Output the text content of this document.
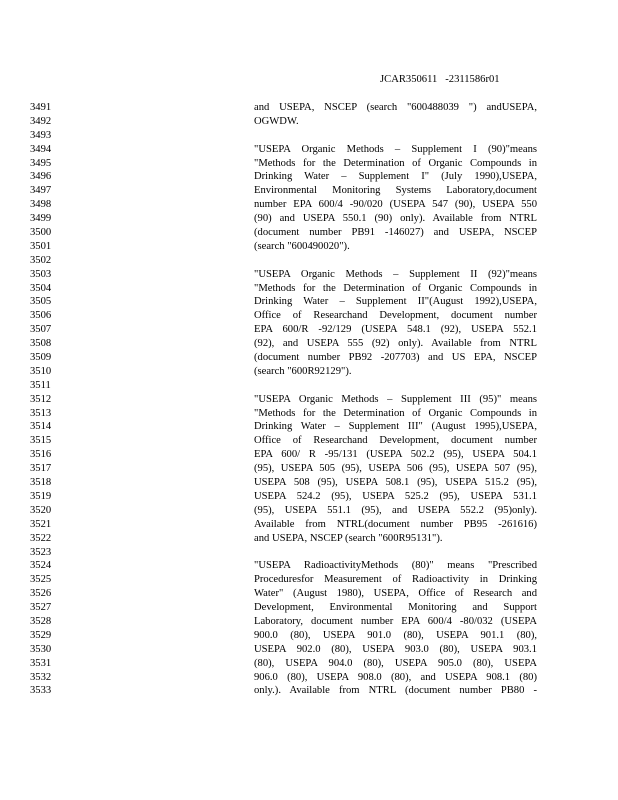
JCAR350611   -2311586r01
3491
3492
3493
3494
3495
3496
3497
3498
3499
3500
3501
3502
3503
3504
3505
3506
3507
3508
3509
3510
3511
3512
3513
3514
3515
3516
3517
3518
3519
3520
3521
3522
3523
3524
3525
3526
3527
3528
3529
3530
3531
3532
3533
and USEPA, NSCEP (search "600488039 ") andUSEPA,
OGWDW.
"USEPA Organic Methods – Supplement I (90)"means
"Methods for the Determination of Organic Compounds in
Drinking Water – Supplement I" (July 1990),USEPA,
Environmental Monitoring Systems Laboratory,document
number EPA 600/4 -90/020 (USEPA 547 (90), USEPA 550
(90) and USEPA 550.1 (90) only). Available from NTRL
(document number PB91 -146027) and USEPA, NSCEP
(search "600490020").
"USEPA Organic Methods – Supplement II (92)"means
"Methods for the Determination of Organic Compounds in
Drinking Water – Supplement II"(August 1992),USEPA,
Office of Researchand Development, document number
EPA 600/R -92/129 (USEPA 548.1 (92), USEPA 552.1
(92), and USEPA 555 (92) only). Available from NTRL
(document number PB92 -207703) and US EPA, NSCEP
(search "600R92129").
"USEPA Organic Methods – Supplement III (95)" means
"Methods for the Determination of Organic Compounds in
Drinking Water – Supplement III" (August 1995),USEPA,
Office of Researchand Development, document number
EPA 600/ R -95/131 (USEPA 502.2 (95), USEPA 504.1
(95), USEPA 505 (95), USEPA 506 (95), USEPA 507 (95),
USEPA 508 (95), USEPA 508.1 (95), USEPA 515.2 (95),
USEPA 524.2 (95), USEPA 525.2 (95), USEPA 531.1
(95), USEPA 551.1 (95), and USEPA 552.2 (95)only).
Available from NTRL(document number PB95 -261616)
and USEPA, NSCEP (search "600R95131").
"USEPA RadioactivityMethods (80)" means "Prescribed
Proceduresfor Measurement of Radioactivity in Drinking
Water" (August 1980), USEPA, Office of Research and
Development, Environmental Monitoring and Support
Laboratory, document number EPA 600/4 -80/032 (USEPA
900.0 (80), USEPA 901.0 (80), USEPA 901.1 (80),
USEPA 902.0 (80), USEPA 903.0 (80), USEPA 903.1
(80), USEPA 904.0 (80), USEPA 905.0 (80), USEPA
906.0 (80), USEPA 908.0 (80), and USEPA 908.1 (80)
only.). Available from NTRL (document number PB80 -
